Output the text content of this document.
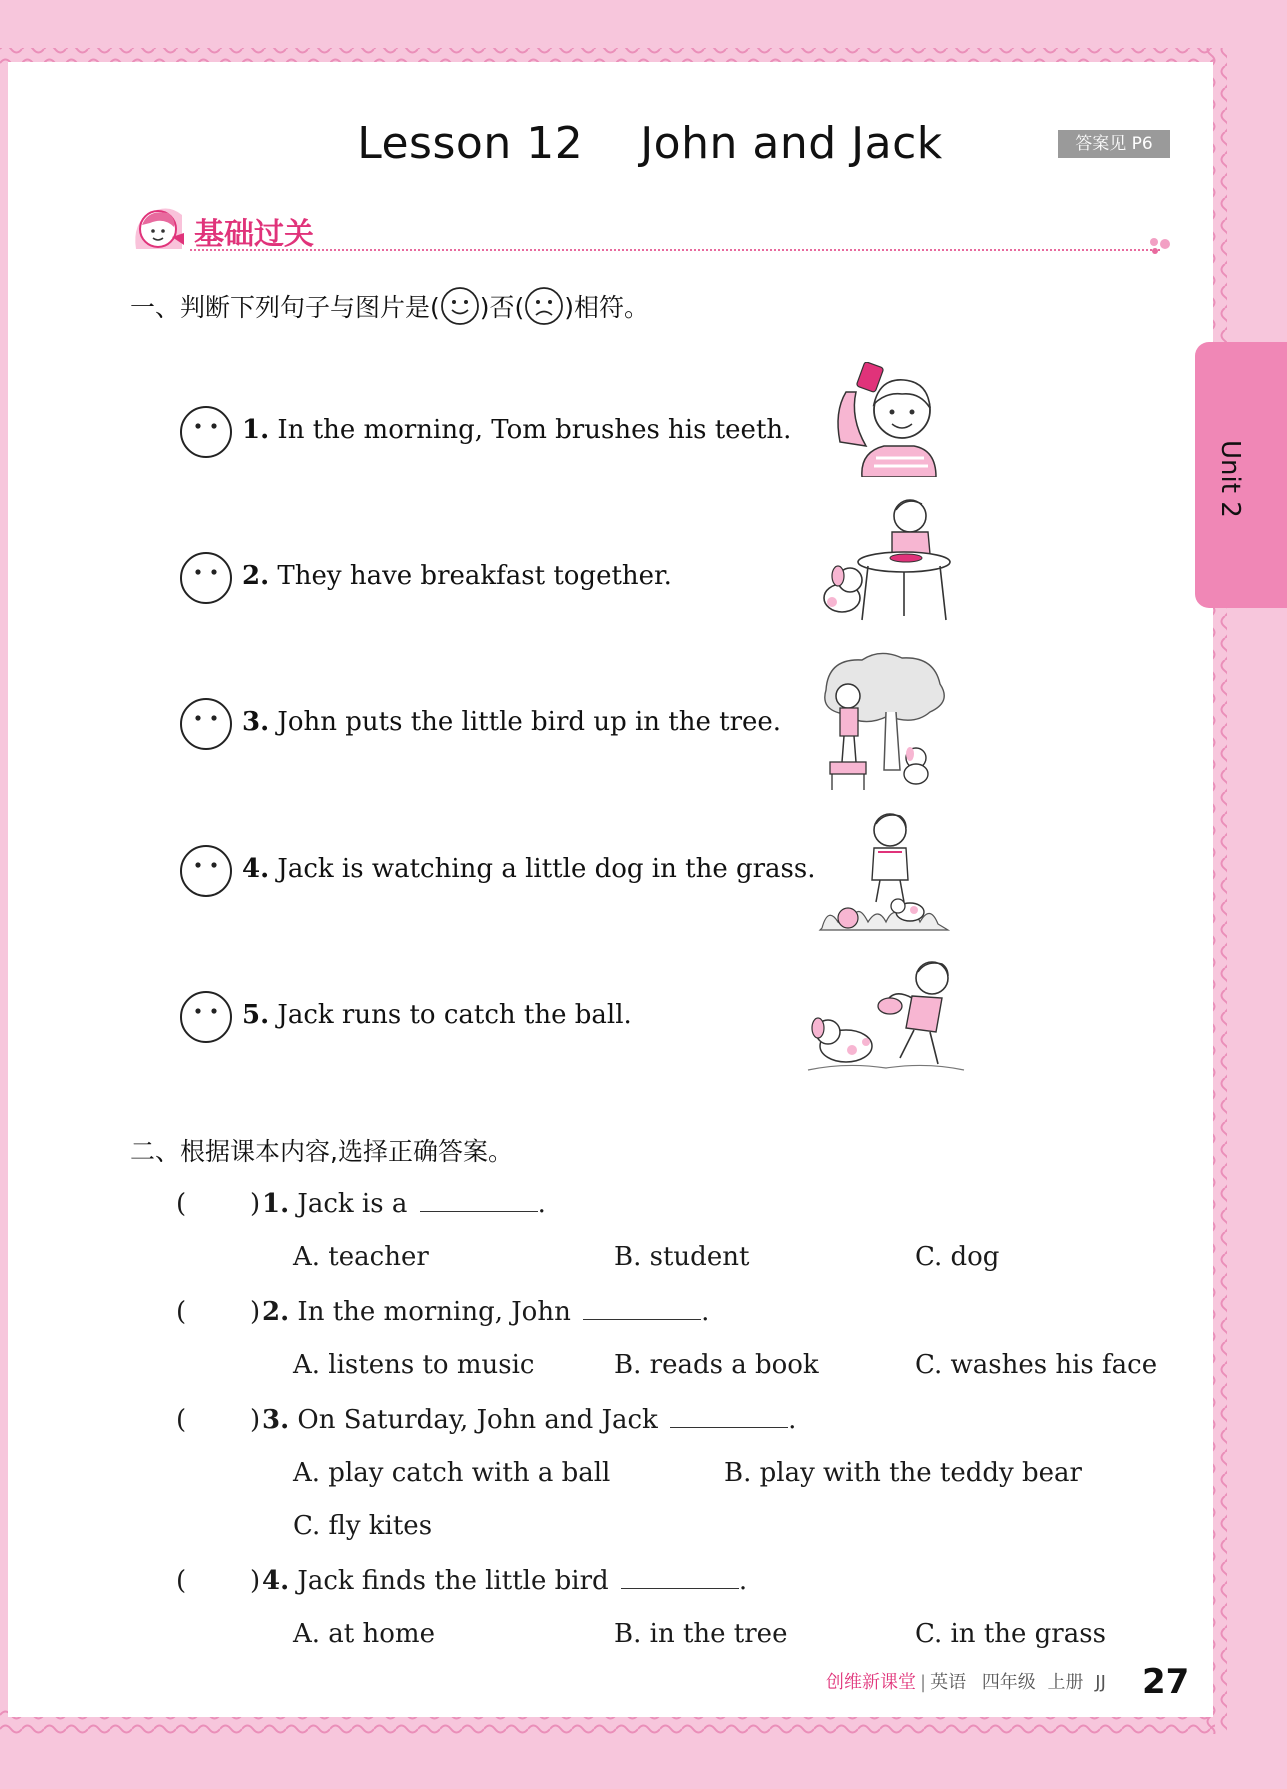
Lesson 12 John and Jack	答案见 P6
基础过关
一、判断下列句子与图片是( )否( )相符。
1. In the morning, Tom brushes his teeth.
2. They have breakfast together.
3. John puts the little bird up in the tree.
4. Jack is watching a little dog in the grass.
5. Jack runs to catch the ball.
二、根据课本内容,选择正确答案。
( ) 1. Jack is a	.
A. teacher	B. student	C. dog
( ) 2. In the morning, John	.
A. listens to music	B. reads a book	C. washes his face
( ) 3. On Saturday, John and Jack	.
A. play catch with a ball	B. play with the teddy bear
C. fly kites
( ) 4. Jack finds the little bird	.
A. at home	B. in the tree	C. in the grass
创维新课堂 | 英语 四年级 上册 JJ 27
Unit 2
